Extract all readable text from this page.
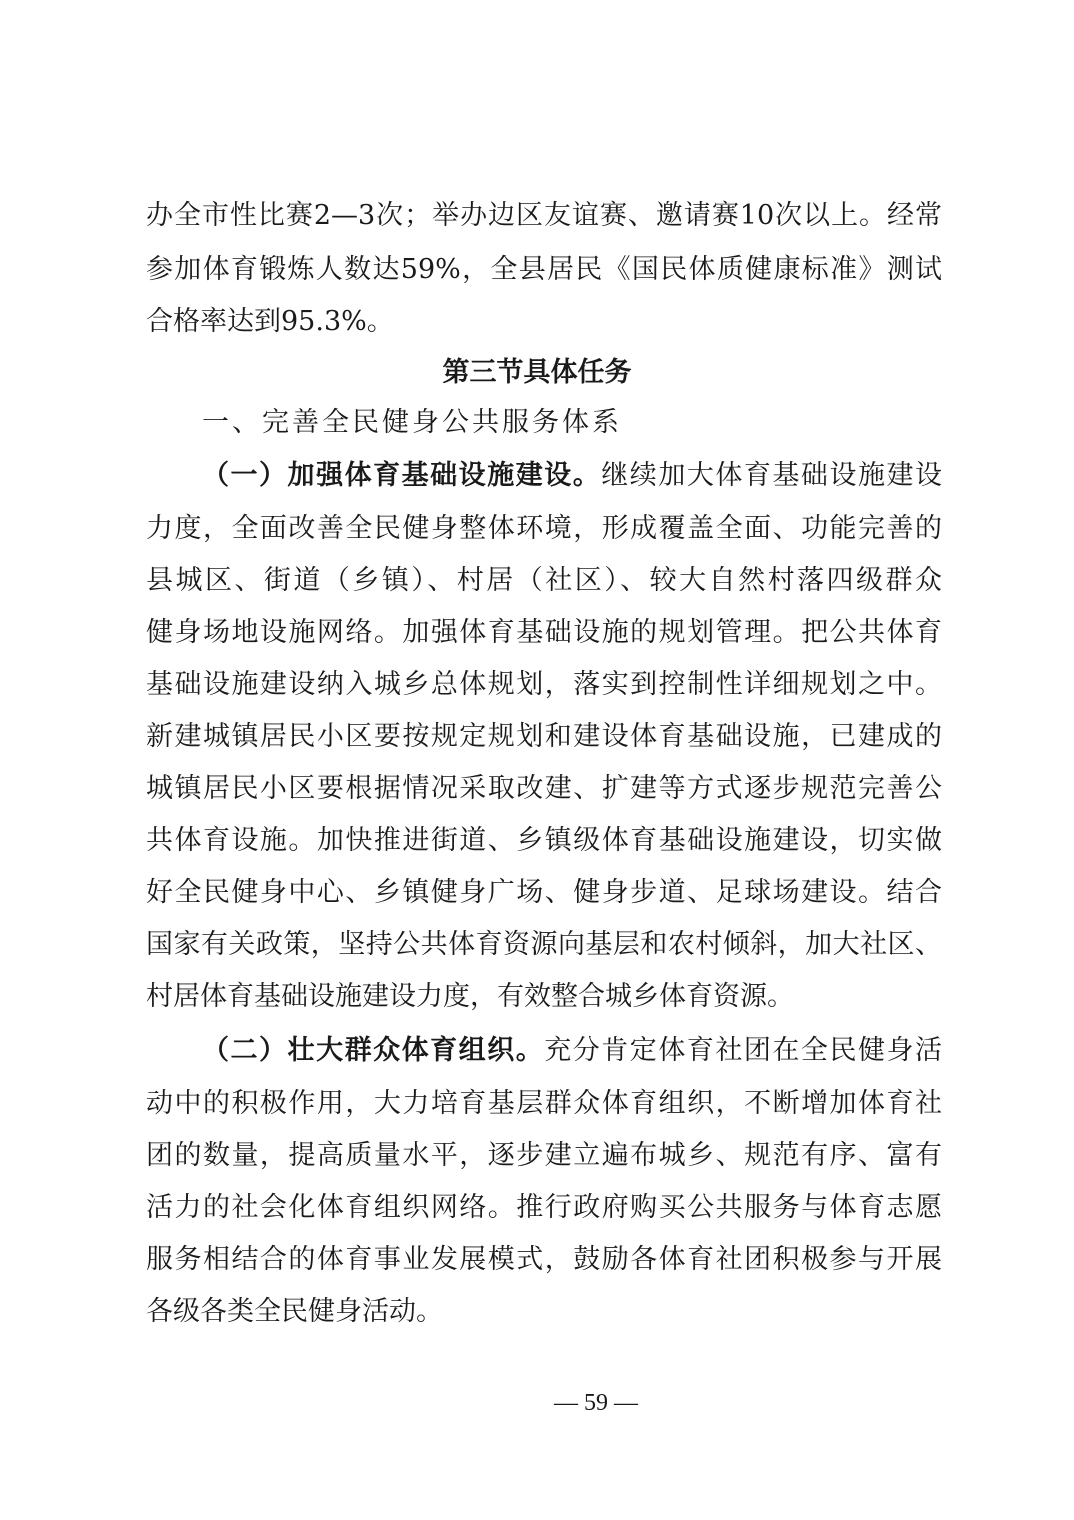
办全市性比赛2—3次；举办边区友谊赛、邀请赛10次以上。经常
参加体育锻炼人数达59%，全县居民《国民体质健康标准》测试
合格率达到95.3%。
第三节具体任务
一、完善全民健身公共服务体系
（一）加强体育基础设施建设。继续加大体育基础设施建设
力度，全面改善全民健身整体环境，形成覆盖全面、功能完善的
县城区、街道（乡镇）、村居（社区）、较大自然村落四级群众
健身场地设施网络。加强体育基础设施的规划管理。把公共体育
基础设施建设纳入城乡总体规划，落实到控制性详细规划之中。
新建城镇居民小区要按规定规划和建设体育基础设施，已建成的
城镇居民小区要根据情况采取改建、扩建等方式逐步规范完善公
共体育设施。加快推进街道、乡镇级体育基础设施建设，切实做
好全民健身中心、乡镇健身广场、健身步道、足球场建设。结合
国家有关政策，坚持公共体育资源向基层和农村倾斜，加大社区、
村居体育基础设施建设力度，有效整合城乡体育资源。
（二）壮大群众体育组织。充分肯定体育社团在全民健身活
动中的积极作用，大力培育基层群众体育组织，不断增加体育社
团的数量，提高质量水平，逐步建立遍布城乡、规范有序、富有
活力的社会化体育组织网络。推行政府购买公共服务与体育志愿
服务相结合的体育事业发展模式，鼓励各体育社团积极参与开展
各级各类全民健身活动。
— 59 —
